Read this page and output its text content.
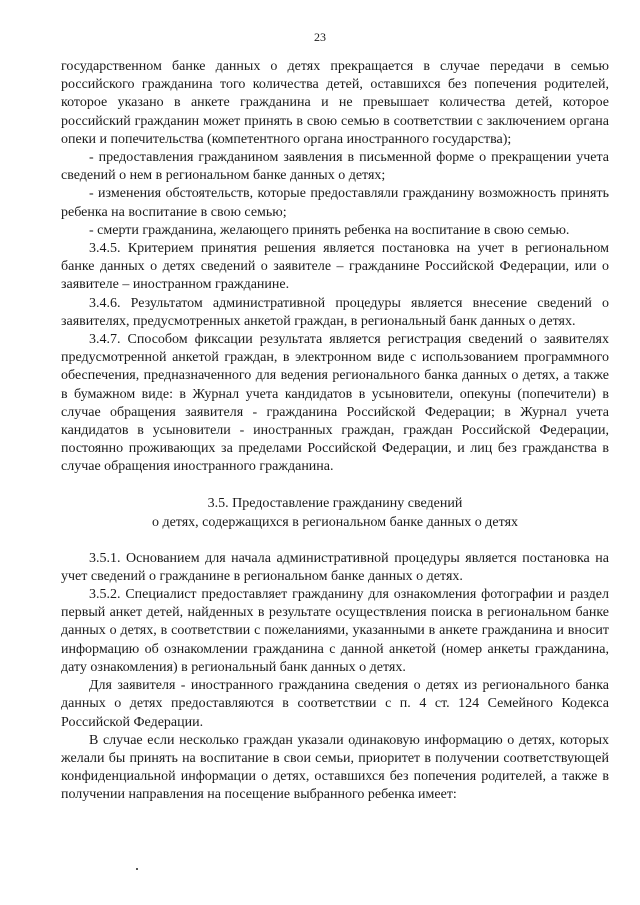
23

государственном банке данных о детях прекращается в случае передачи в семью российского гражданина того количества детей, оставшихся без попечения родителей, которое указано в анкете гражданина и не превышает количества детей, которое российский гражданин может принять в свою семью в соответствии с заключением органа опеки и попечительства (компетентного органа иностранного государства);

- предоставления гражданином заявления в письменной форме о прекращении учета сведений о нем в региональном банке данных о детях;

- изменения обстоятельств, которые предоставляли гражданину возможность принять ребенка на воспитание в свою семью;

- смерти гражданина, желающего принять ребенка на воспитание в свою семью.

3.4.5. Критерием принятия решения является постановка на учет в региональном банке данных о детях сведений о заявителе – гражданине Российской Федерации, или о заявителе – иностранном гражданине.

3.4.6. Результатом административной процедуры является внесение сведений о заявителях, предусмотренных анкетой граждан, в региональный банк данных о детях.

3.4.7. Способом фиксации результата является регистрация сведений о заявителях предусмотренной анкетой граждан, в электронном виде с использованием программного обеспечения, предназначенного для ведения регионального банка данных о детях, а также в бумажном виде: в Журнал учета кандидатов в усыновители, опекуны (попечители) в случае обращения заявителя - гражданина Российской Федерации; в Журнал учета кандидатов в усыновители - иностранных граждан, граждан Российской Федерации, постоянно проживающих за пределами Российской Федерации, и лиц без гражданства в случае обращения иностранного гражданина.

3.5. Предоставление гражданину сведений
о детях, содержащихся в региональном банке данных о детях

3.5.1. Основанием для начала административной процедуры является постановка на учет сведений о гражданине в региональном банке данных о детях.

3.5.2. Специалист предоставляет гражданину для ознакомления фотографии и раздел первый анкет детей, найденных в результате осуществления поиска в региональном банке данных о детях, в соответствии с пожеланиями, указанными в анкете гражданина и вносит информацию об ознакомлении гражданина с данной анкетой (номер анкеты гражданина, дату ознакомления) в региональный банк данных о детях.

Для заявителя - иностранного гражданина сведения о детях из регионального банка данных о детях предоставляются в соответствии с п. 4 ст. 124 Семейного Кодекса Российской Федерации.

В случае если несколько граждан указали одинаковую информацию о детях, которых желали бы принять на воспитание в свои семьи, приоритет в получении соответствующей конфиденциальной информации о детях, оставшихся без попечения родителей, а также в получении направления на посещение выбранного ребенка имеет:
